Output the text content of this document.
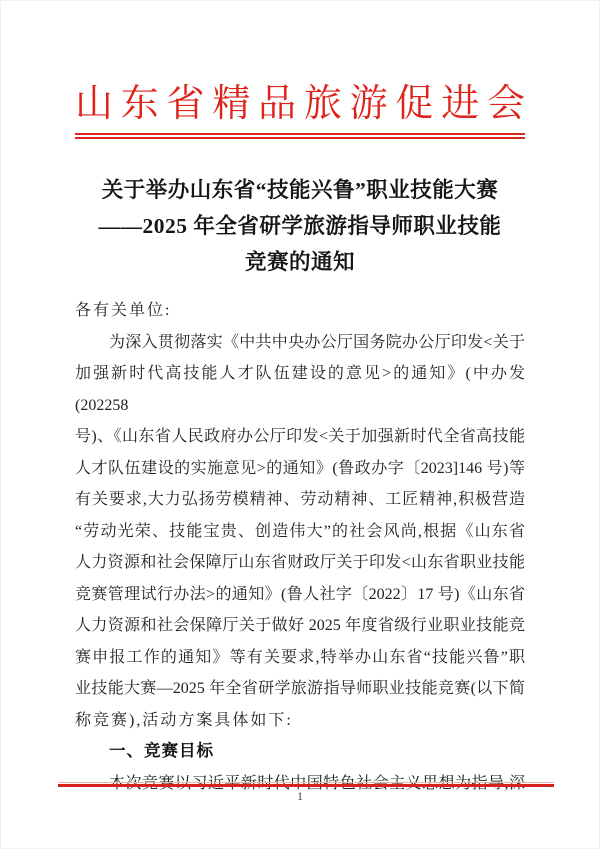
山东省精品旅游促进会
关于举办山东省“技能兴鲁”职业技能大赛
——2025 年全省研学旅游指导师职业技能
竞赛的通知
各有关单位:
为深入贯彻落实《中共中央办公厅国务院办公厅印发<关于
加强新时代高技能人才队伍建设的意见>的通知》(中办发(202258
号)、《山东省人民政府办公厅印发<关于加强新时代全省高技能
人才队伍建设的实施意见>的通知》(鲁政办字〔2023]146 号)等
有关要求,大力弘扬劳模精神、劳动精神、工匠精神,积极营造
“劳动光荣、技能宝贵、创造伟大”的社会风尚,根据《山东省
人力资源和社会保障厅山东省财政厅关于印发<山东省职业技能
竞赛管理试行办法>的通知》(鲁人社字〔2022〕17 号)《山东省
人力资源和社会保障厅关于做好 2025 年度省级行业职业技能竞
赛申报工作的通知》等有关要求,特举办山东省“技能兴鲁”职
业技能大赛—2025 年全省研学旅游指导师职业技能竞赛(以下简
称竞赛),活动方案具体如下:
一、竞赛目标
本次竞赛以习近平新时代中国特色社会主义思想为指导,深
1
